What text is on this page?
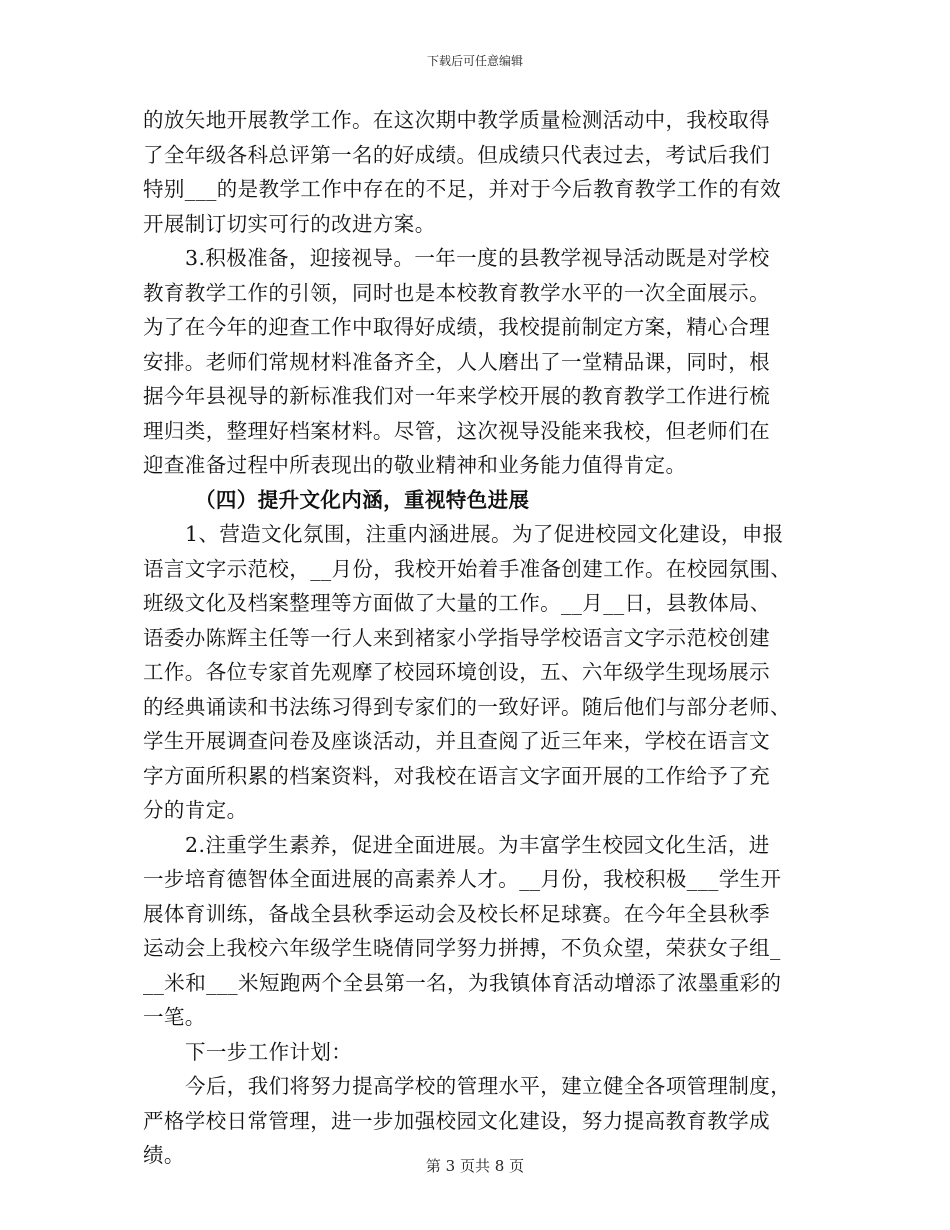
下载后可任意编辑
的放矢地开展教学工作。在这次期中教学质量检测活动中，我校取得
了全年级各科总评第一名的好成绩。但成绩只代表过去，考试后我们
特别___的是教学工作中存在的不足，并对于今后教育教学工作的有效
开展制订切实可行的改进方案。
3.积极准备，迎接视导。一年一度的县教学视导活动既是对学校
教育教学工作的引领，同时也是本校教育教学水平的一次全面展示。
为了在今年的迎查工作中取得好成绩，我校提前制定方案，精心合理
安排。老师们常规材料准备齐全，人人磨出了一堂精品课，同时，根
据今年县视导的新标准我们对一年来学校开展的教育教学工作进行梳
理归类，整理好档案材料。尽管，这次视导没能来我校，但老师们在
迎查准备过程中所表现出的敬业精神和业务能力值得肯定。
（四）提升文化内涵，重视特色进展
1、营造文化氛围，注重内涵进展。为了促进校园文化建设，申报
语言文字示范校，__月份，我校开始着手准备创建工作。在校园氛围、
班级文化及档案整理等方面做了大量的工作。__月__日，县教体局、
语委办陈辉主任等一行人来到褚家小学指导学校语言文字示范校创建
工作。各位专家首先观摩了校园环境创设，五、六年级学生现场展示
的经典诵读和书法练习得到专家们的一致好评。随后他们与部分老师、
学生开展调查问卷及座谈活动，并且查阅了近三年来，学校在语言文
字方面所积累的档案资料，对我校在语言文字面开展的工作给予了充
分的肯定。
2.注重学生素养，促进全面进展。为丰富学生校园文化生活，进
一步培育德智体全面进展的高素养人才。__月份，我校积极___学生开
展体育训练，备战全县秋季运动会及校长杯足球赛。在今年全县秋季
运动会上我校六年级学生晓倩同学努力拼搏，不负众望，荣获女子组_
__米和___米短跑两个全县第一名，为我镇体育活动增添了浓墨重彩的
一笔。
下一步工作计划：
今后，我们将努力提高学校的管理水平，建立健全各项管理制度，
严格学校日常管理，进一步加强校园文化建设，努力提高教育教学成
绩。	第 3 页共 8 页
